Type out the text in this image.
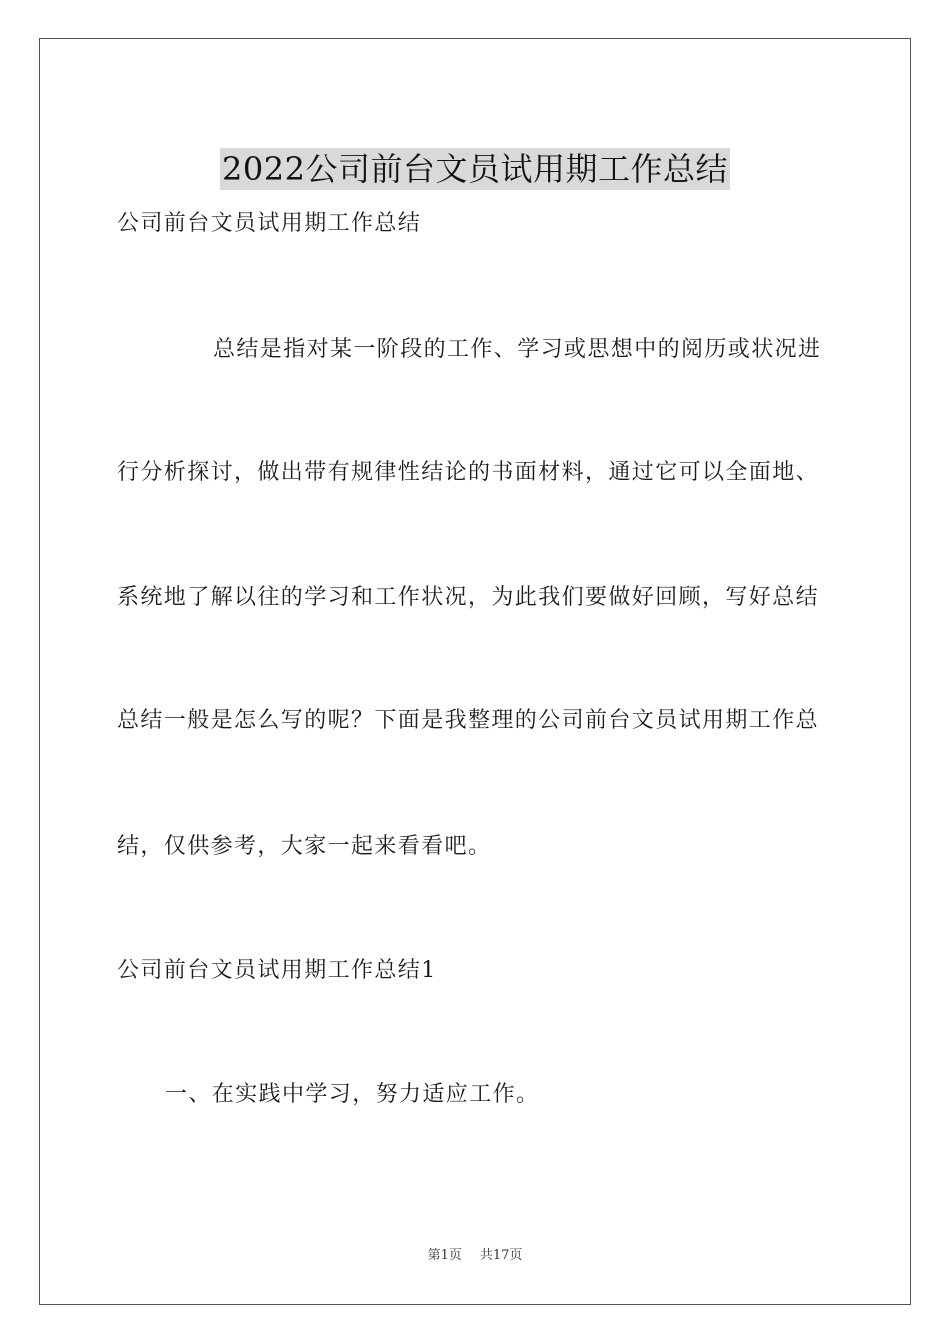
2022公司前台文员试用期工作总结
公司前台文员试用期工作总结
总结是指对某一阶段的工作、学习或思想中的阅历或状况进
行分析探讨，做出带有规律性结论的书面材料，通过它可以全面地、
系统地了解以往的学习和工作状况，为此我们要做好回顾，写好总结
总结一般是怎么写的呢？下面是我整理的公司前台文员试用期工作总
结，仅供参考，大家一起来看看吧。
公司前台文员试用期工作总结1
一、在实践中学习，努力适应工作。
第1页 共17页
